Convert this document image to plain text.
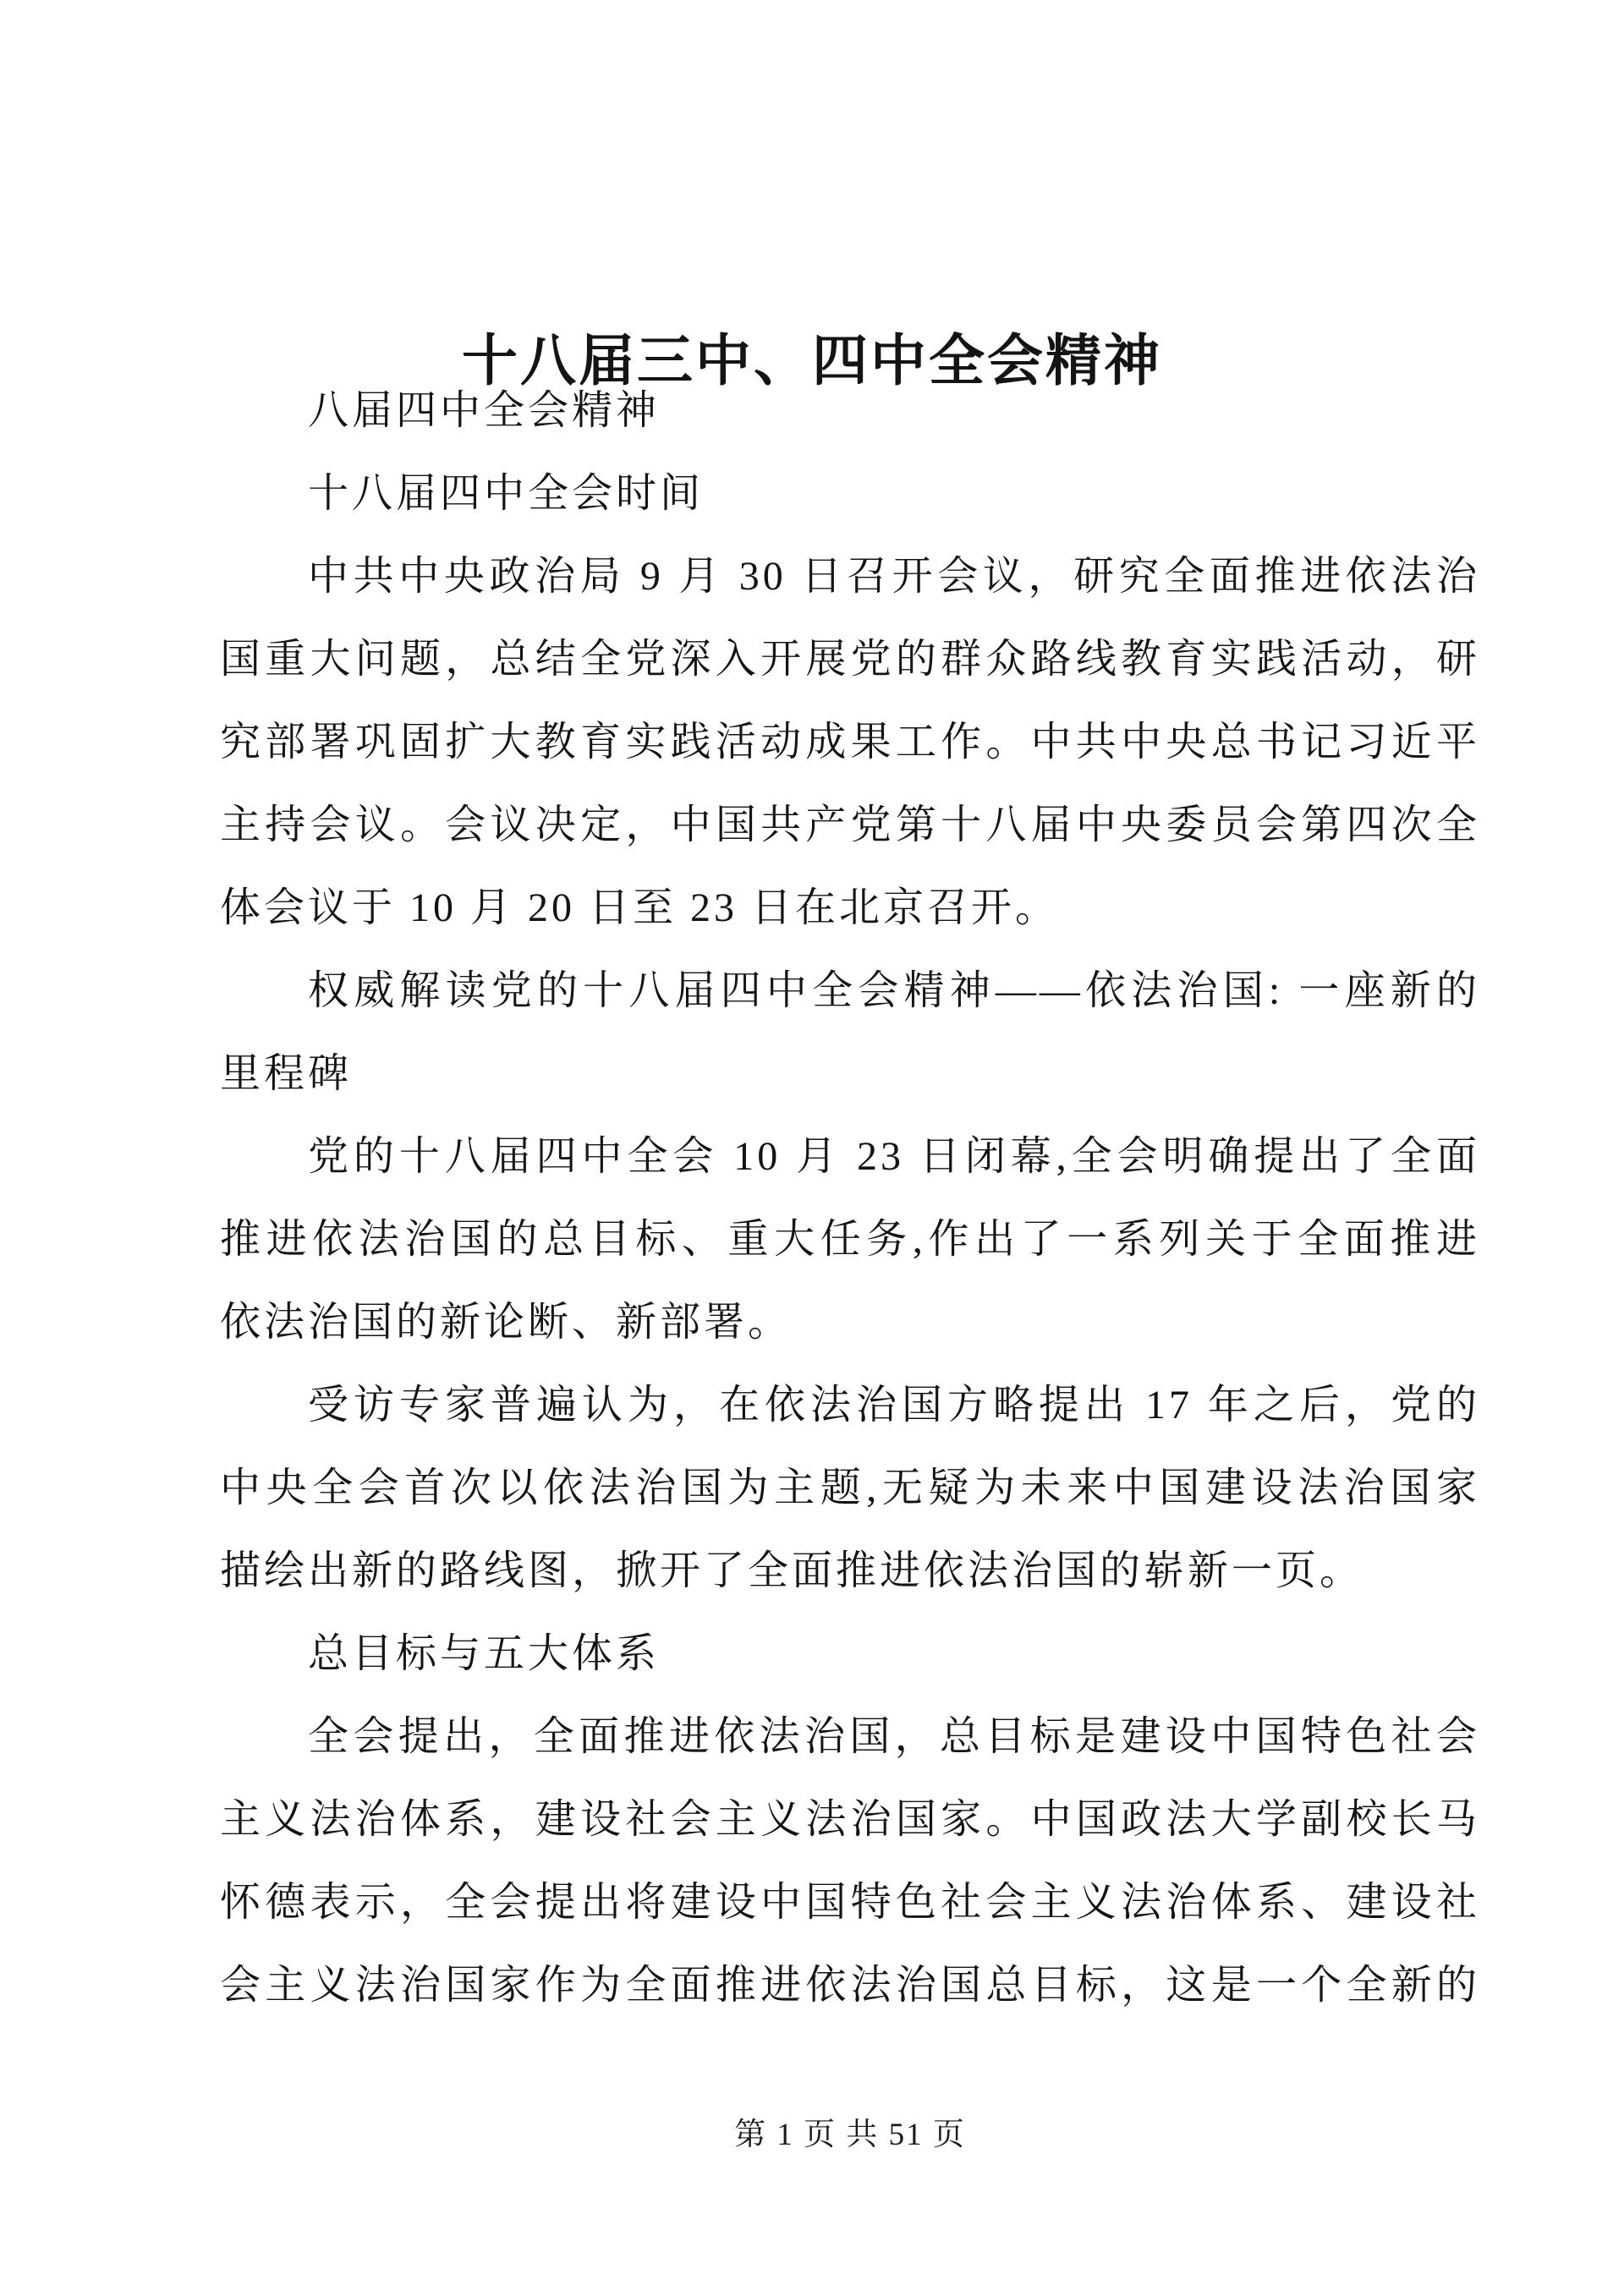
十八届三中、四中全会精神
八届四中全会精神
十八届四中全会时间
中共中央政治局 9 月 30 日召开会议，研究全面推进依法治
国重大问题，总结全党深入开展党的群众路线教育实践活动，研
究部署巩固扩大教育实践活动成果工作。中共中央总书记习近平
主持会议。会议决定，中国共产党第十八届中央委员会第四次全
体会议于 10 月 20 日至 23 日在北京召开。
权威解读党的十八届四中全会精神——依法治国: 一座新的
里程碑
党的十八届四中全会 10 月 23 日闭幕,全会明确提出了全面
推进依法治国的总目标、重大任务,作出了一系列关于全面推进
依法治国的新论断、新部署。
受访专家普遍认为，在依法治国方略提出 17 年之后，党的
中央全会首次以依法治国为主题,无疑为未来中国建设法治国家
描绘出新的路线图，掀开了全面推进依法治国的崭新一页。
总目标与五大体系
全会提出，全面推进依法治国，总目标是建设中国特色社会
主义法治体系，建设社会主义法治国家。中国政法大学副校长马
怀德表示，全会提出将建设中国特色社会主义法治体系、建设社
会主义法治国家作为全面推进依法治国总目标，这是一个全新的
第 1 页 共 51 页
